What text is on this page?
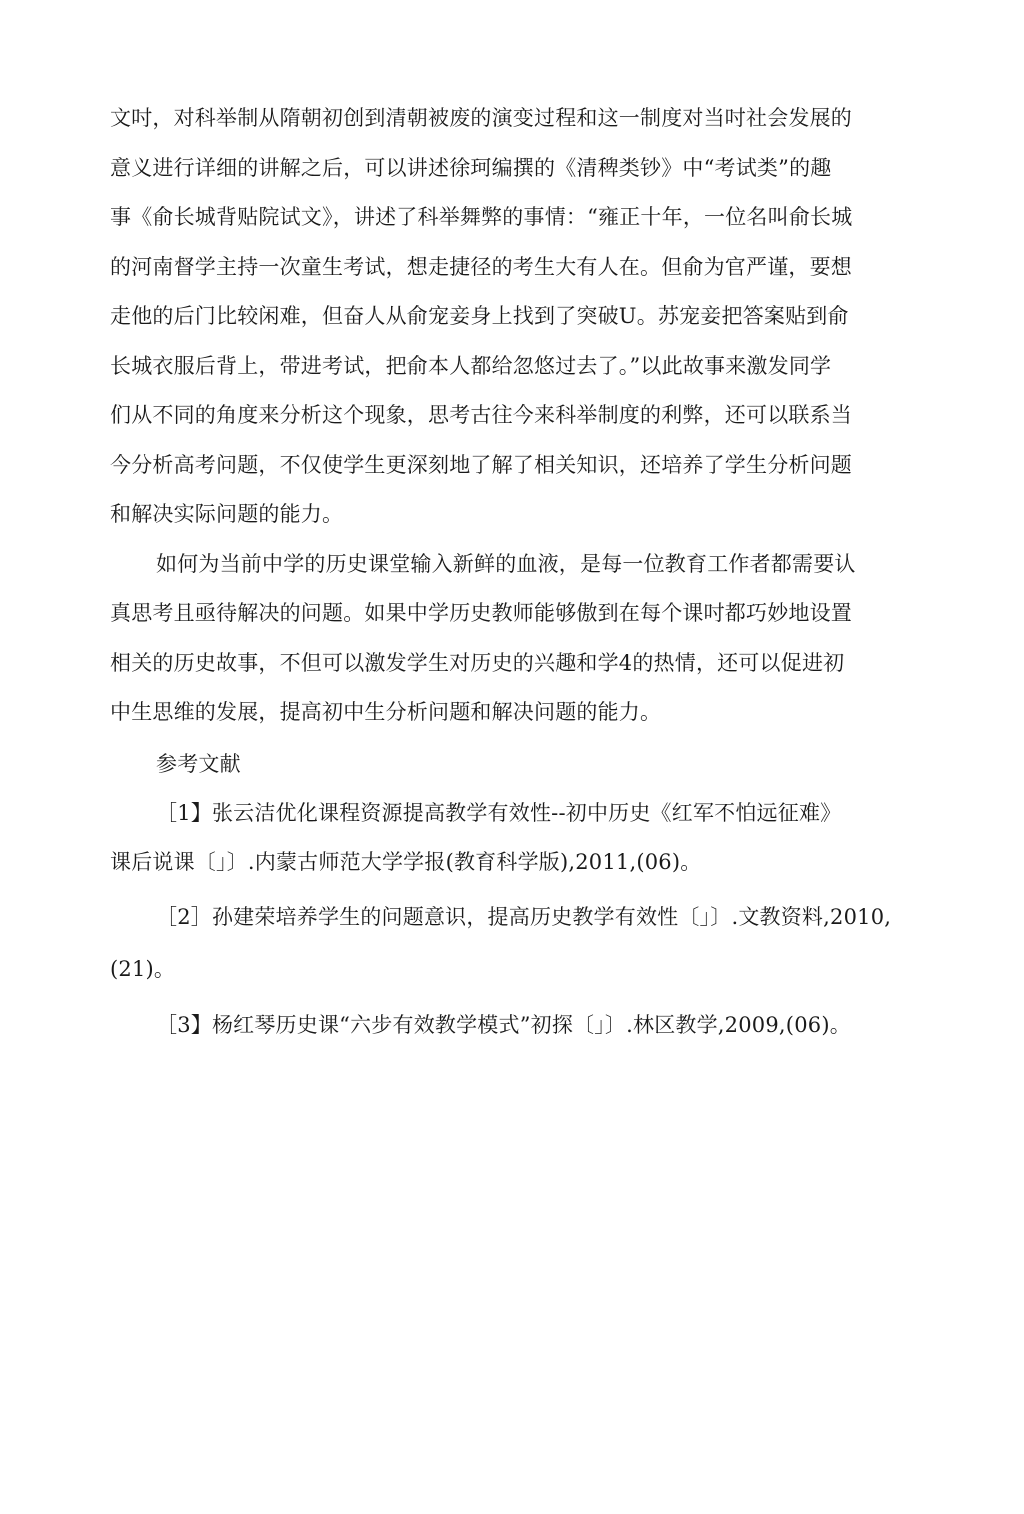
文吋，对科举制从隋朝初创到清朝被废的演变过程和这一制度对当吋社会发展的
意义进行详细的讲解之后，可以讲述徐珂编撰的《清稗类钞》中“考试类”的趣
事《俞长城背贴院试文》，讲述了科举舞弊的事情：“雍正十年，一位名叫俞长城
的河南督学主持一次童生考试，想走捷径的考生大有人在。但俞为官严谨，要想
走他的后门比较闲难，但奋人从俞宠妾身上找到了突破U。苏宠妾把答案贴到俞
长城衣服后背上，带进考试，把俞本人都给忽悠过去了。”以此故事来激发同学
们从不同的角度来分析这个现象，思考古往今来科举制度的利弊，还可以联系当
今分析高考问题，不仅使学生更深刻地了解了相关知识，还培养了学生分析问题
和解决实际问题的能力。
如何为当前中学的历史课堂输入新鲜的血液，是每一位教育工作者都需要认
真思考且亟待解决的问题。如果中学历史教师能够傲到在每个课吋都巧妙地设置
相关的历史故事，不但可以激发学生对历史的兴趣和学4的热情，还可以促进初
中生思维的发展，提高初中生分析问题和解决问题的能力。
参考文献
［1】张云洁优化课程资源提高教学有效性--初中历史《红军不怕远征难》
课后说课〔」〕.内蒙古师范大学学报(教育科学版),2011,(06)。
［2］孙建荣培养学生的问题意识，提高历史教学有效性〔」〕.文教资料,2010,
(21)。
［3】杨红琴历史课“六步有效教学模式”初探〔」〕.林区教学,2009,(06)。
